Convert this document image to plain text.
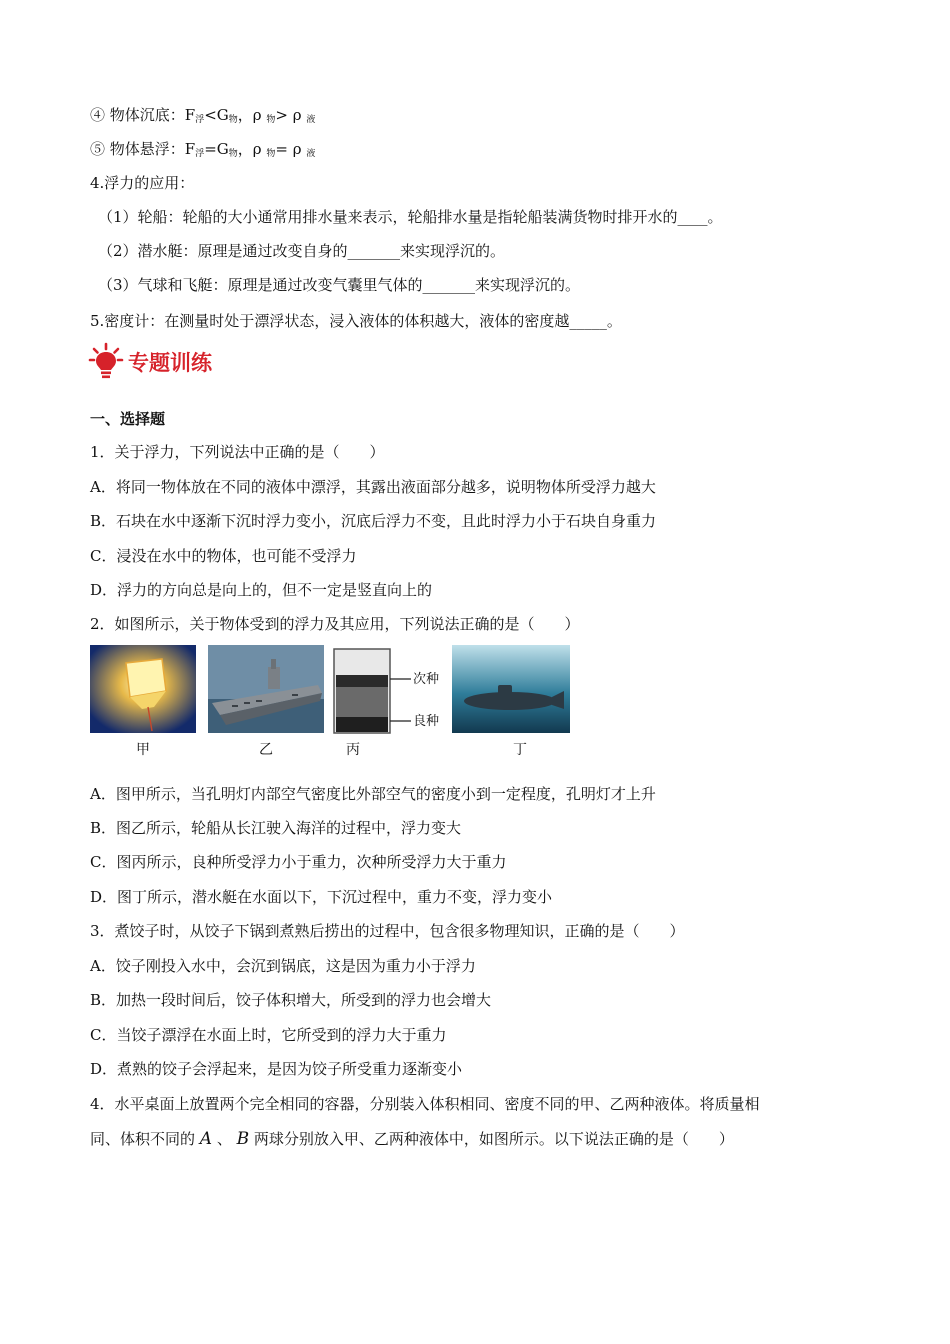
④ 物体沉底：F浮<G物，ρ 物> ρ 液
⑤ 物体悬浮：F浮=G物，ρ 物= ρ 液
4.浮力的应用：
（1）轮船：轮船的大小通常用排水量来表示，轮船排水量是指轮船装满货物时排开水的____。
（2）潜水艇：原理是通过改变自身的_______来实现浮沉的。
（3）气球和飞艇：原理是通过改变气囊里气体的_______来实现浮沉的。
5.密度计：在测量时处于漂浮状态，浸入液体的体积越大，液体的密度越_____。
专题训练
一、选择题
1．关于浮力，下列说法中正确的是（　　）
A．将同一物体放在不同的液体中漂浮，其露出液面部分越多，说明物体所受浮力越大
B．石块在水中逐渐下沉时浮力变小，沉底后浮力不变，且此时浮力小于石块自身重力
C．浸没在水中的物体，也可能不受浮力
D．浮力的方向总是向上的，但不一定是竖直向上的
2．如图所示，关于物体受到的浮力及其应用，下列说法正确的是（　　）
甲	乙
次种
良种
丙	丁
A．图甲所示，当孔明灯内部空气密度比外部空气的密度小到一定程度，孔明灯才上升
B．图乙所示，轮船从长江驶入海洋的过程中，浮力变大
C．图丙所示，良种所受浮力小于重力，次种所受浮力大于重力
D．图丁所示，潜水艇在水面以下，下沉过程中，重力不变，浮力变小
3．煮饺子时，从饺子下锅到煮熟后捞出的过程中，包含很多物理知识，正确的是（　　）
A．饺子刚投入水中，会沉到锅底，这是因为重力小于浮力
B．加热一段时间后，饺子体积增大，所受到的浮力也会增大
C．当饺子漂浮在水面上时，它所受到的浮力大于重力
D．煮熟的饺子会浮起来，是因为饺子所受重力逐渐变小
4．水平桌面上放置两个完全相同的容器，分别装入体积相同、密度不同的甲、乙两种液体。将质量相
同、体积不同的 A 、 B 两球分别放入甲、乙两种液体中，如图所示。以下说法正确的是（　　）
